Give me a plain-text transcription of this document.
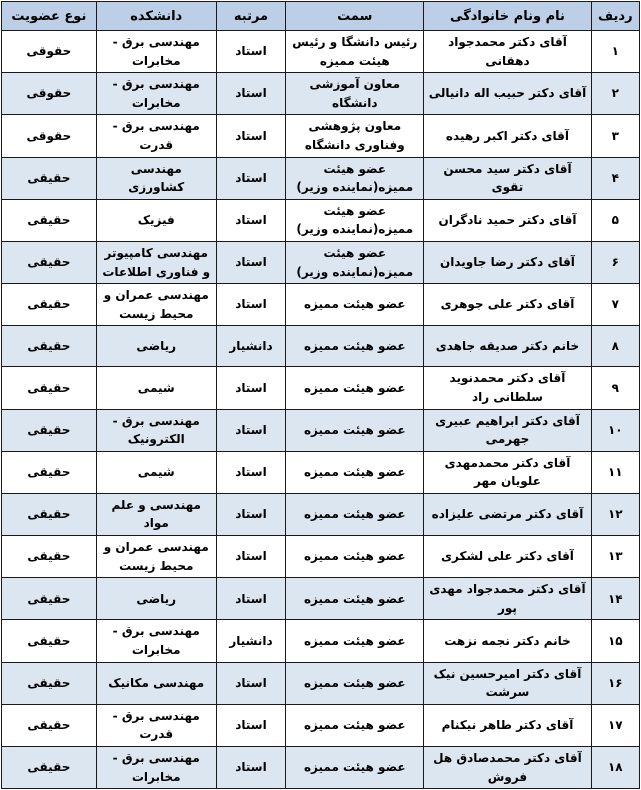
ردیف	نام ونام خانوادگی	سمت	مرتبه	دانشکده	نوع عضویت
۱	آقای دکتر محمدجواد دهقانی	رئیس دانشگا و رئیس هیئت ممیزه	استاد	مهندسی برق - مخابرات	حقوقی
۲	آقای دکتر حبیب اله دانیالی	معاون آموزشی دانشگاه	استاد	مهندسی برق - مخابرات	حقوقی
۳	آقای دکتر اکبر رهیده	معاون پژوهشی وفناوری دانشگاه	استاد	مهندسی برق - قدرت	حقوقی
۴	آقای دکتر سید محسن تقوی	عضو هیئت ممیزه(نماینده وزیر)	استاد	مهندسی کشاورزی	حقیقی
۵	آقای دکتر حمید نادگران	عضو هیئت ممیزه(نماینده وزیر)	استاد	فیزیک	حقیقی
۶	آقای دکتر رضا جاویدان	عضو هیئت ممیزه(نماینده وزیر)	استاد	مهندسی کامپیوتر و فناوری اطلاعات	حقیقی
۷	آقای دکتر علی جوهری	عضو هیئت ممیزه	استاد	مهندسی عمران و محیط زیست	حقیقی
۸	خانم دکتر صدیقه جاهدی	عضو هیئت ممیزه	دانشیار	ریاضی	حقیقی
۹	آقای دکتر محمدنوید سلطانی راد	عضو هیئت ممیزه	استاد	شیمی	حقیقی
۱۰	آقای دکتر ابراهیم عبیری جهرمی	عضو هیئت ممیزه	استاد	مهندسی برق - الکترونیک	حقیقی
۱۱	آقای دکتر محمدمهدی علویان مهر	عضو هیئت ممیزه	استاد	شیمی	حقیقی
۱۲	آقای دکتر مرتضی علیزاده	عضو هیئت ممیزه	استاد	مهندسی و علم مواد	حقیقی
۱۳	آقای دکتر علی لشکری	عضو هیئت ممیزه	استاد	مهندسی عمران و محیط زیست	حقیقی
۱۴	آقای دکتر محمدجواد مهدی پور	عضو هیئت ممیزه	استاد	ریاضی	حقیقی
۱۵	خانم دکتر نجمه نزهت	عضو هیئت ممیزه	دانشیار	مهندسی برق - مخابرات	حقیقی
۱۶	آقای دکتر امیرحسین نیک سرشت	عضو هیئت ممیزه	استاد	مهندسی مکانیک	حقیقی
۱۷	آقای دکتر طاهر نیکنام	عضو هیئت ممیزه	استاد	مهندسی برق - قدرت	حقیقی
۱۸	آقای دکتر محمدصادق هل فروش	عضو هیئت ممیزه	استاد	مهندسی برق - مخابرات	حقیقی
